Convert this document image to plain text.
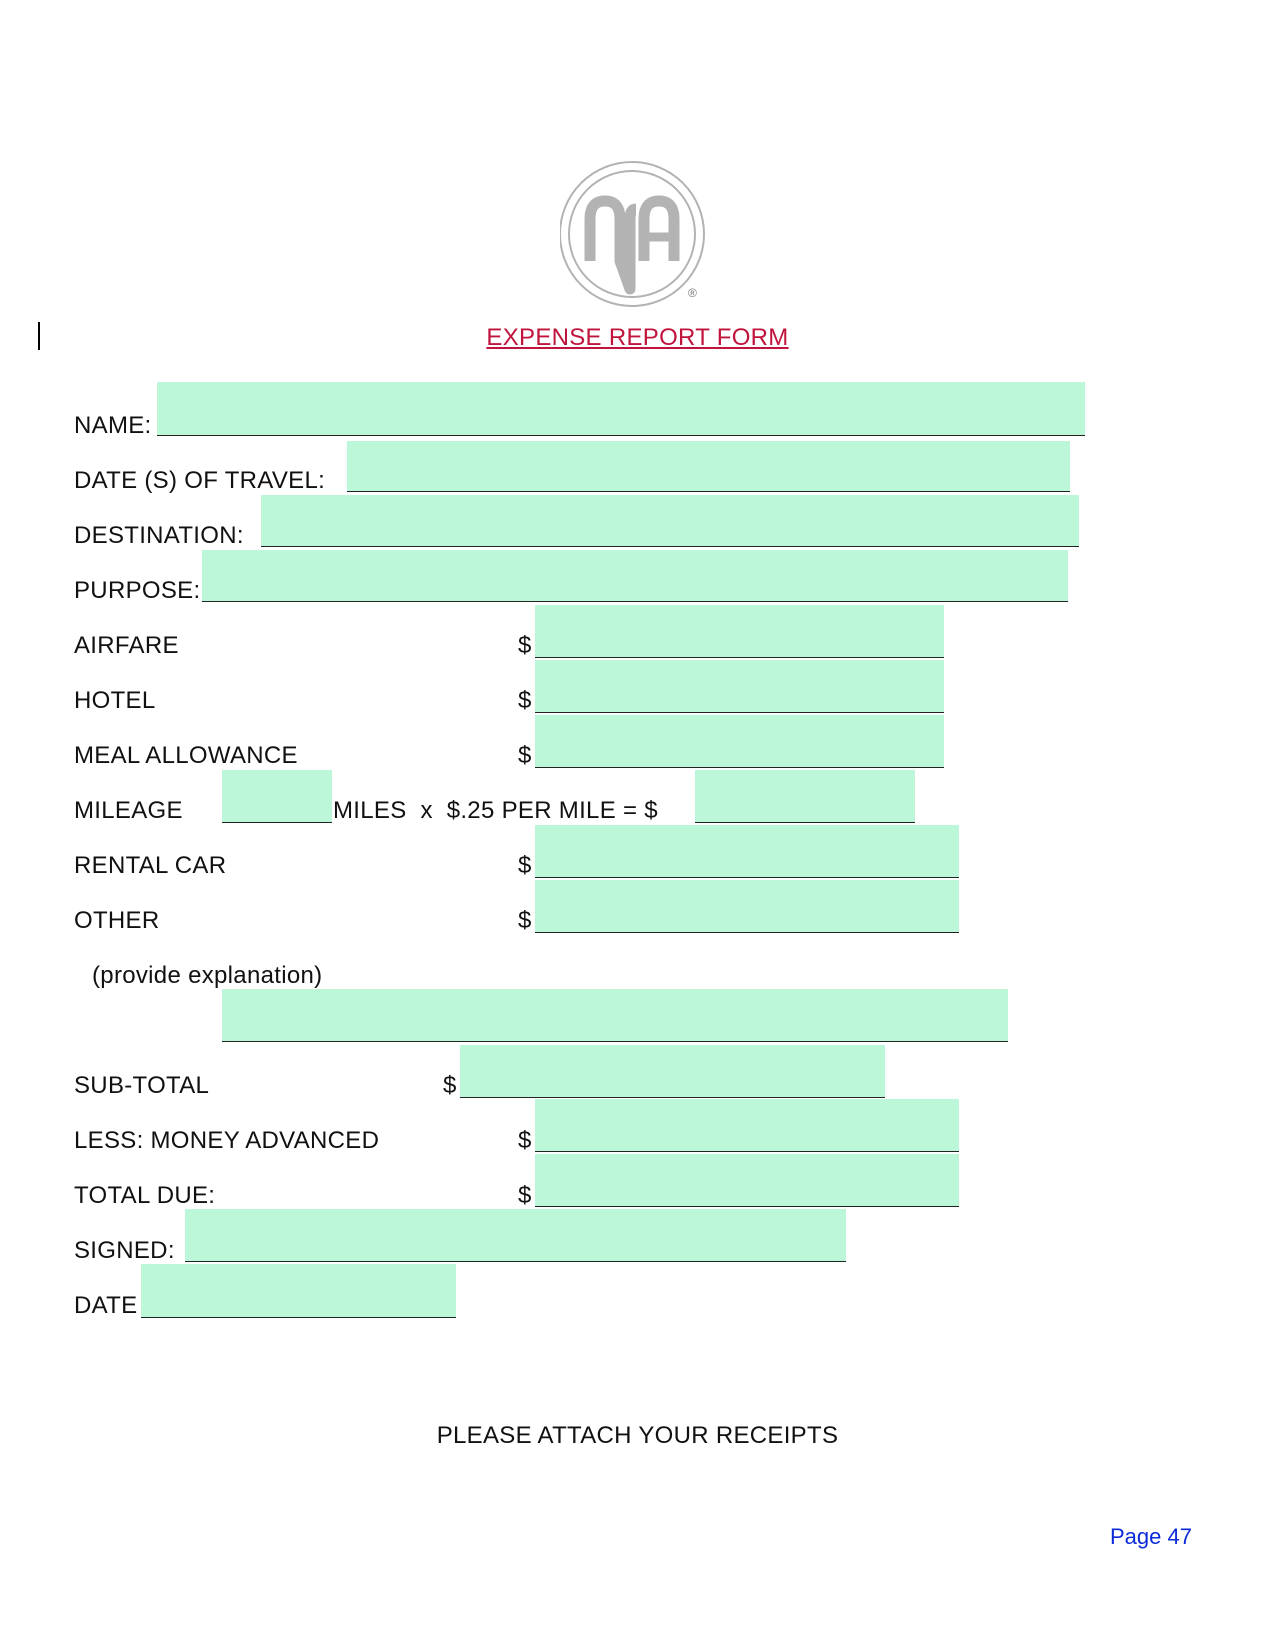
®
EXPENSE REPORT FORM
NAME:
DATE (S) OF TRAVEL:
DESTINATION:
PURPOSE:
AIRFARE	$
HOTEL	$
MEAL ALLOWANCE	$
MILEAGE	MILES  x  $.25 PER MILE = $
RENTAL CAR	$
OTHER	$
(provide explanation)
SUB-TOTAL	$
LESS: MONEY ADVANCED	$
TOTAL DUE:	$
SIGNED:
DATE
PLEASE ATTACH YOUR RECEIPTS
Page 47
